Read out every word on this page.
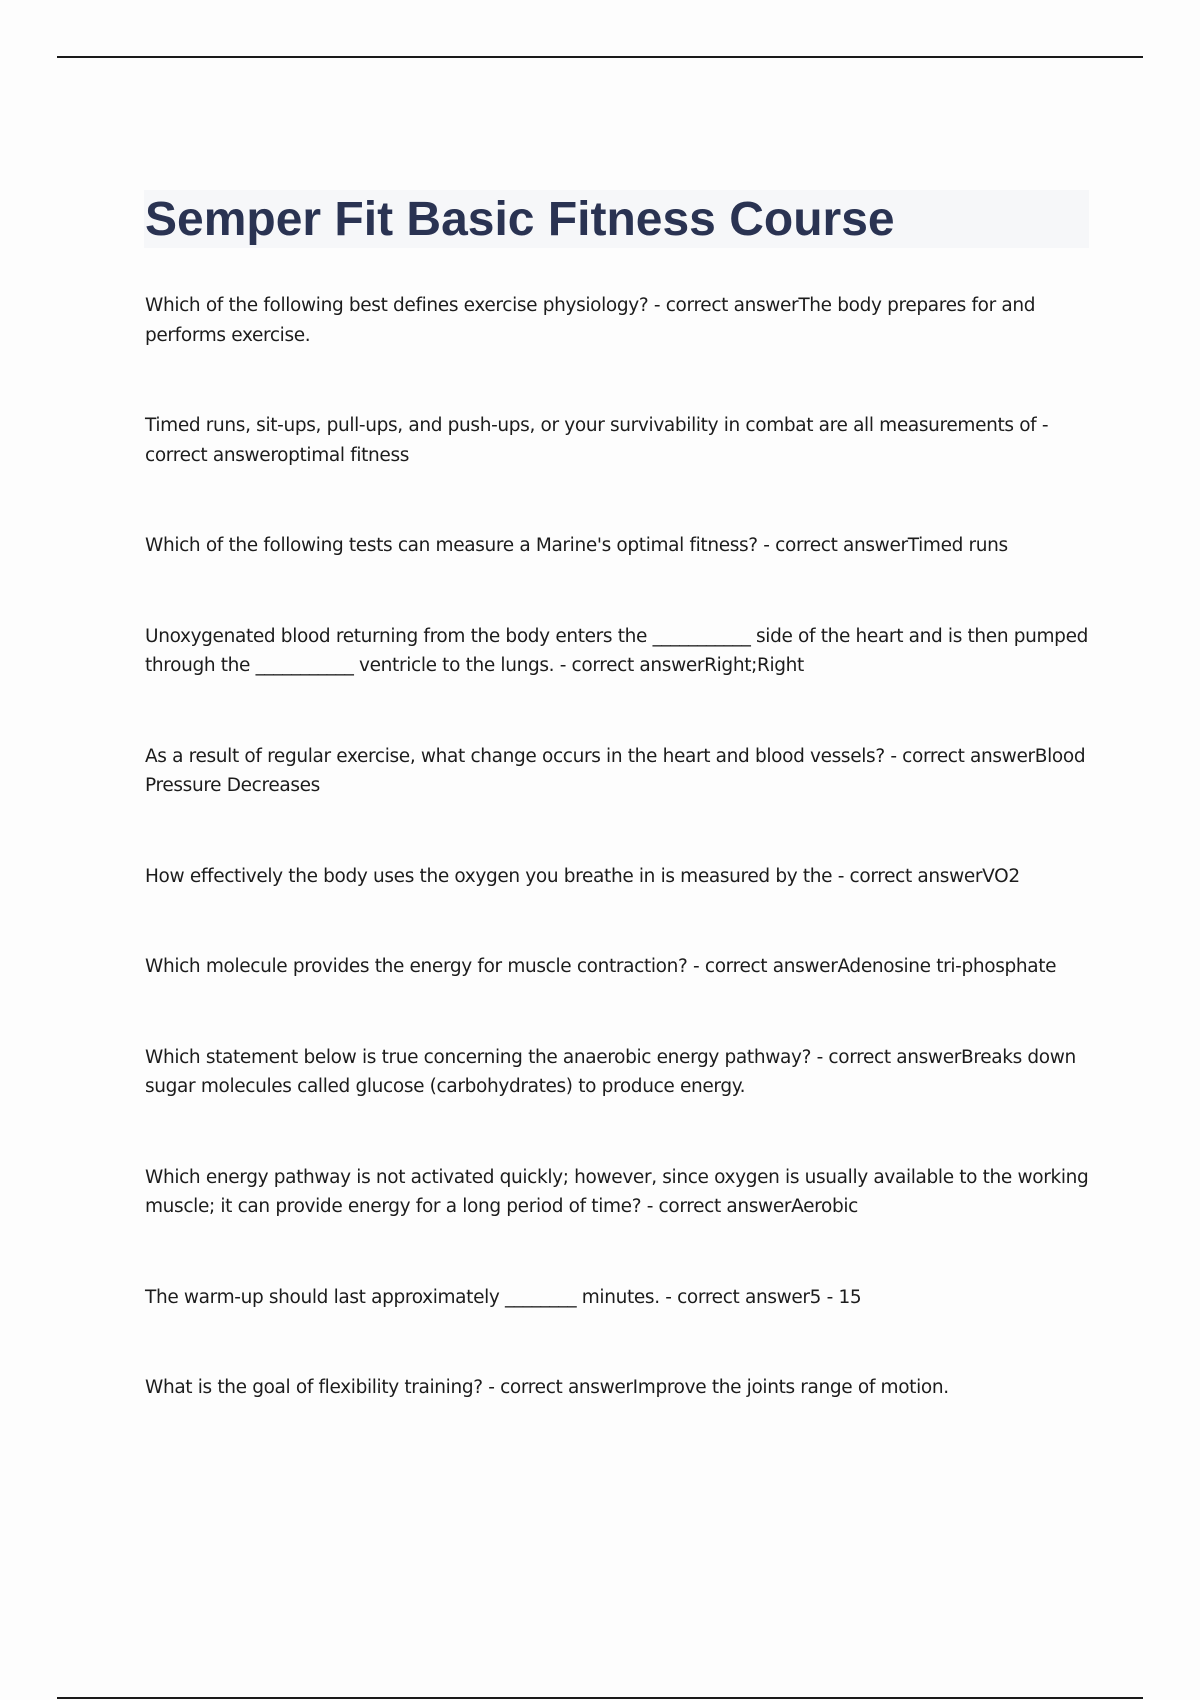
Semper Fit Basic Fitness Course
Which of the following best defines exercise physiology? - correct answerThe body prepares for and performs exercise.
Timed runs, sit-ups, pull-ups, and push-ups, or your survivability in combat are all measurements of - correct answeroptimal fitness
Which of the following tests can measure a Marine's optimal fitness? - correct answerTimed runs
Unoxygenated blood returning from the body enters the ___________ side of the heart and is then pumped through the ___________ ventricle to the lungs. - correct answerRight;Right
As a result of regular exercise, what change occurs in the heart and blood vessels? - correct answerBlood Pressure Decreases
How effectively the body uses the oxygen you breathe in is measured by the - correct answerVO2
Which molecule provides the energy for muscle contraction? - correct answerAdenosine tri-phosphate
Which statement below is true concerning the anaerobic energy pathway? - correct answerBreaks down sugar molecules called glucose (carbohydrates) to produce energy.
Which energy pathway is not activated quickly; however, since oxygen is usually available to the working muscle; it can provide energy for a long period of time? - correct answerAerobic
The warm-up should last approximately ________ minutes. - correct answer5 - 15
What is the goal of flexibility training? - correct answerImprove the joints range of motion.
